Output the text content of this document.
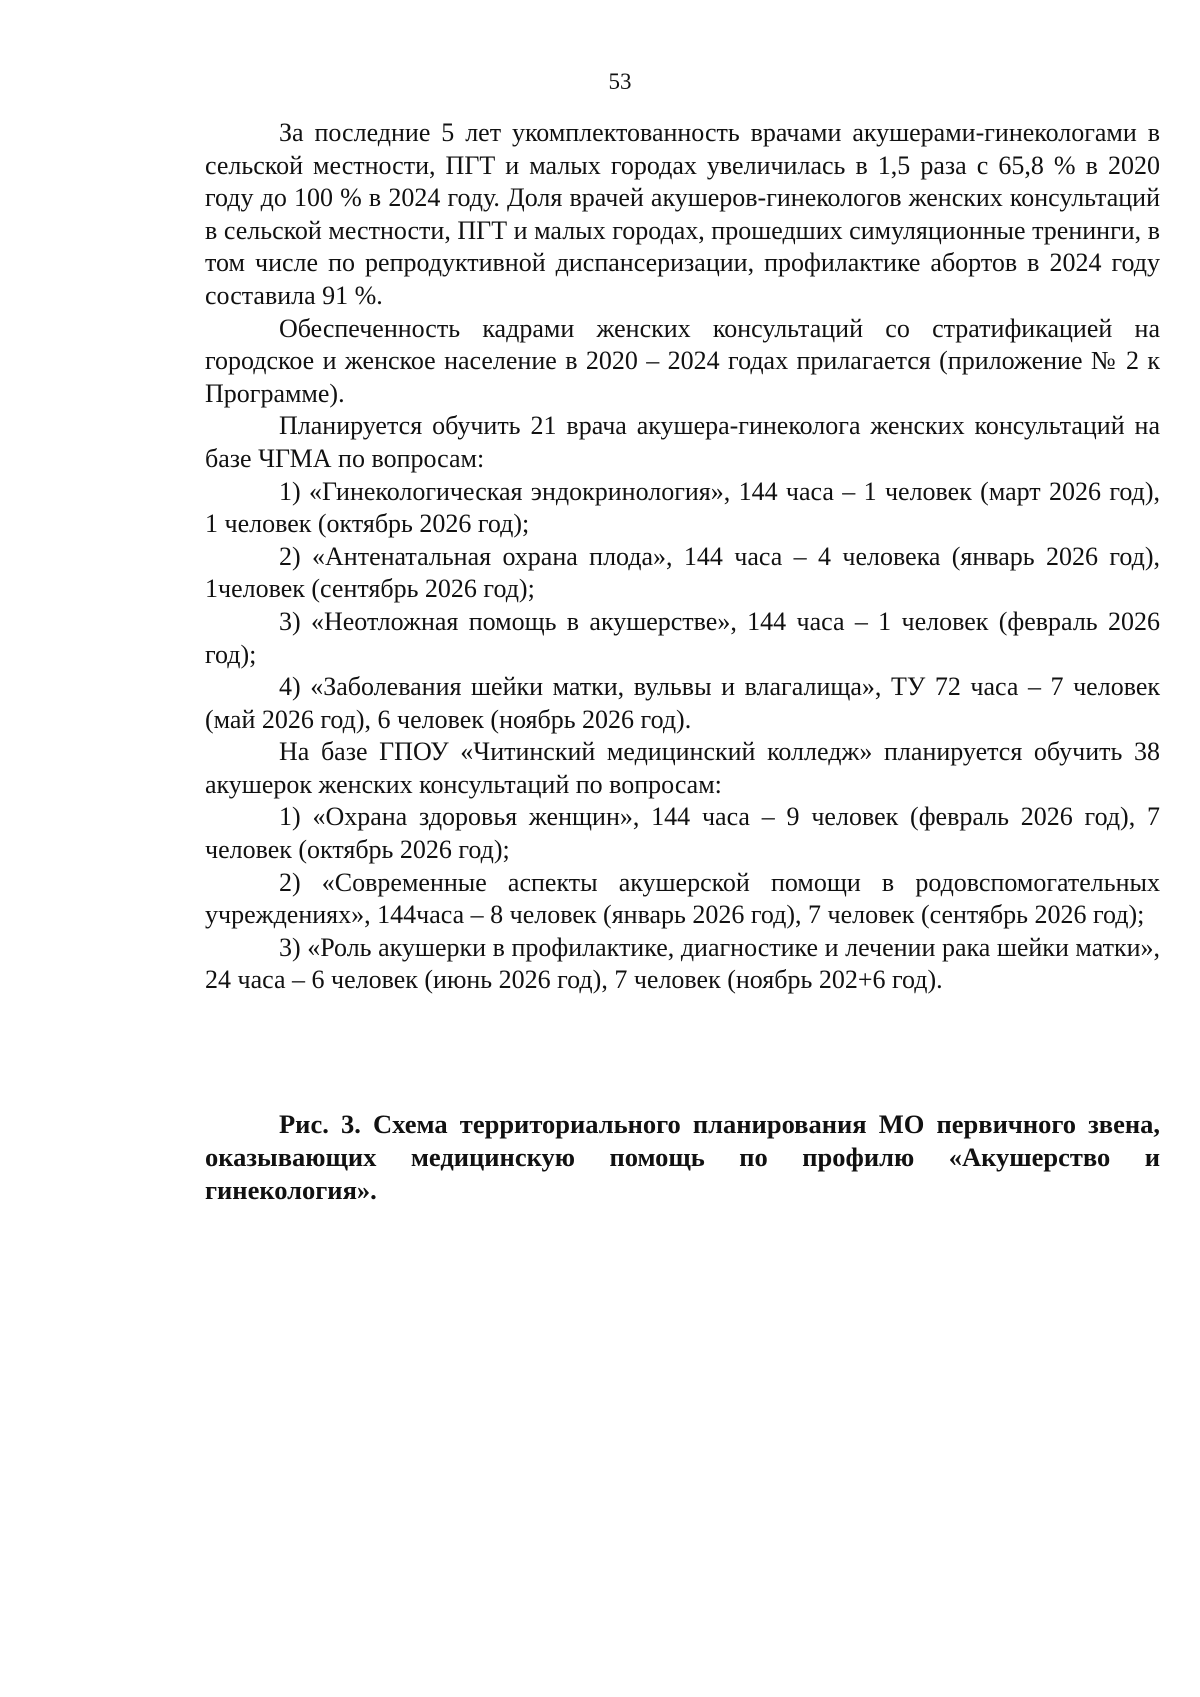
53

За последние 5 лет укомплектованность врачами акушерами-гинекологами в сельской местности, ПГТ и малых городах увеличилась в 1,5 раза с 65,8 % в 2020 году до 100 % в 2024 году. Доля врачей акушеров-гинекологов женских консультаций в сельской местности, ПГТ и малых городах, прошедших симуляционные тренинги, в том числе по репродуктивной диспансеризации, профилактике абортов в 2024 году составила 91 %.

Обеспеченность кадрами женских консультаций со стратификацией на городское и женское население в 2020 – 2024 годах прилагается (приложение № 2 к Программе).

Планируется обучить 21 врача акушера-гинеколога женских консультаций на базе ЧГМА по вопросам:

1) «Гинекологическая эндокринология», 144 часа – 1 человек (март 2026 год), 1 человек (октябрь 2026 год);

2) «Антенатальная охрана плода», 144 часа – 4 человека (январь 2026 год), 1человек (сентябрь 2026 год);

3) «Неотложная помощь в акушерстве», 144 часа – 1 человек (февраль 2026 год);

4) «Заболевания шейки матки, вульвы и влагалища», ТУ 72 часа – 7 человек (май 2026 год), 6 человек (ноябрь 2026 год).

На базе ГПОУ «Читинский медицинский колледж» планируется обучить 38 акушерок женских консультаций по вопросам:

1) «Охрана здоровья женщин», 144 часа – 9 человек (февраль 2026 год), 7 человек (октябрь 2026 год);

2) «Современные аспекты акушерской помощи в родовспомогательных учреждениях», 144часа – 8 человек (январь 2026 год), 7 человек (сентябрь 2026 год);

3) «Роль акушерки в профилактике, диагностике и лечении рака шейки матки», 24 часа – 6 человек (июнь 2026 год), 7 человек (ноябрь 202+6 год).

Рис. 3. Схема территориального планирования МО первичного звена, оказывающих медицинскую помощь по профилю «Акушерство и гинекология».
